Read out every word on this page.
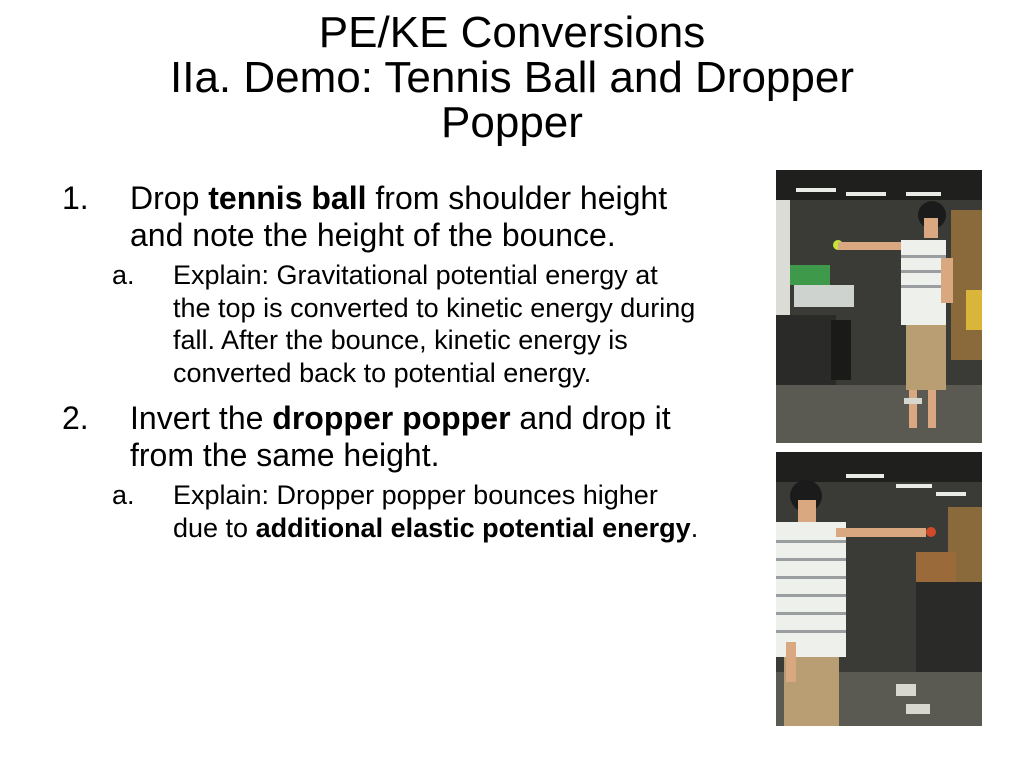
PE/KE Conversions
IIa. Demo: Tennis Ball and Dropper
Popper
1. Drop tennis ball from shoulder height and note the height of the bounce.
a. Explain: Gravitational potential energy at the top is converted to kinetic energy during fall. After the bounce, kinetic energy is converted back to potential energy.
2. Invert the dropper popper and drop it from the same height.
a. Explain: Dropper popper bounces higher due to additional elastic potential energy.
